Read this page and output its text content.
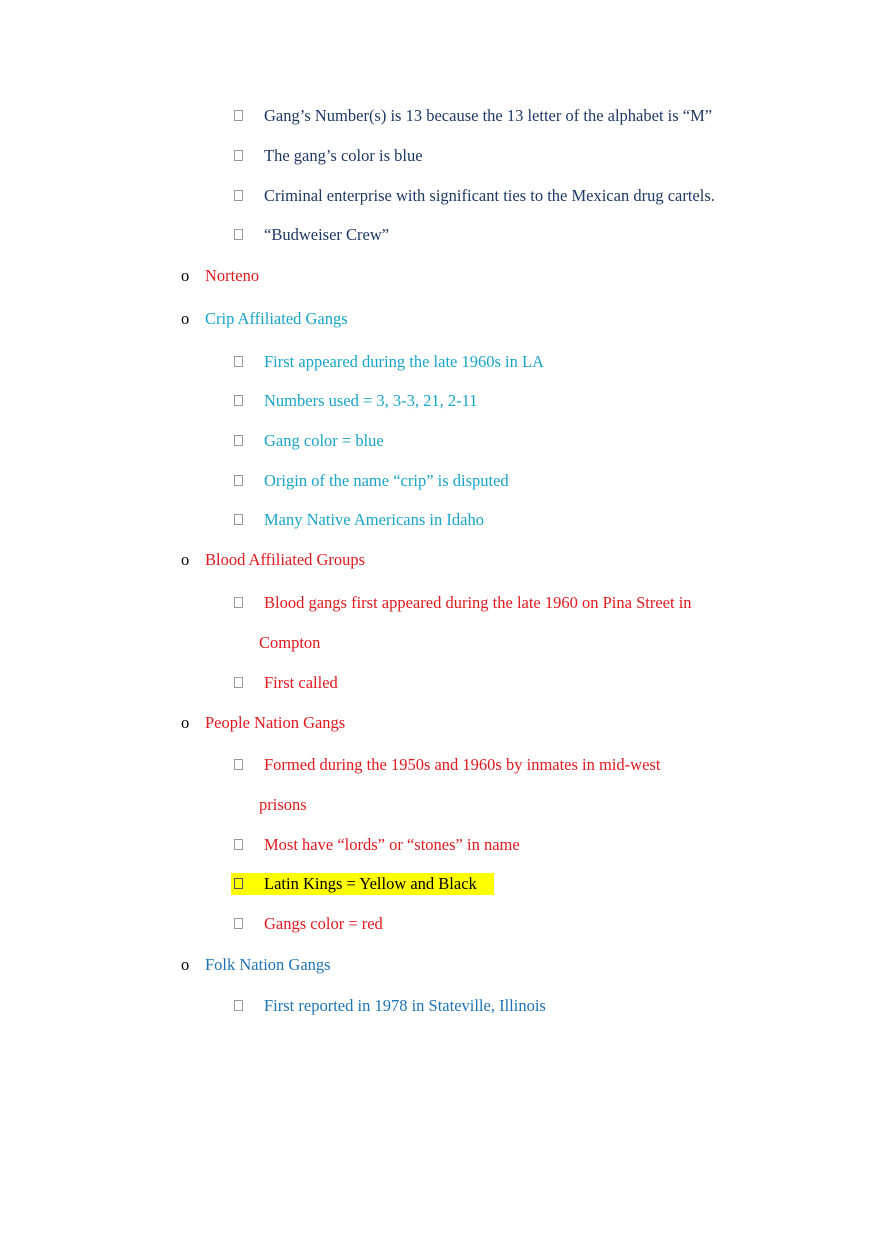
Gang’s Number(s) is 13 because the 13 letter of the alphabet is “M”
The gang’s color is blue
Criminal enterprise with significant ties to the Mexican drug cartels.
“Budweiser Crew”
o Norteno
o Crip Affiliated Gangs
First appeared during the late 1960s in LA
Numbers used = 3, 3-3, 21, 2-11
Gang color = blue
Origin of the name “crip” is disputed
Many Native Americans in Idaho
o Blood Affiliated Groups
Blood gangs first appeared during the late 1960 on Pina Street in
Compton
First called
o People Nation Gangs
Formed during the 1950s and 1960s by inmates in mid-west
prisons
Most have “lords” or “stones” in name
Latin Kings = Yellow and Black
Gangs color = red
o Folk Nation Gangs
First reported in 1978 in Stateville, Illinois
